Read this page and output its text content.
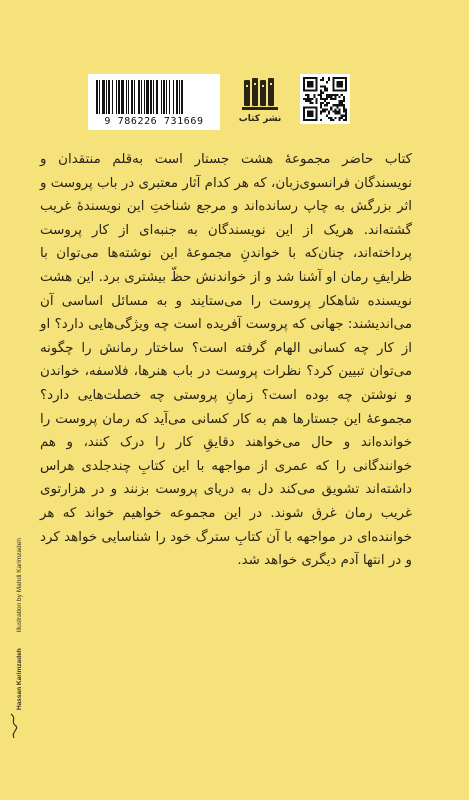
9 786226 731669	نشر کتاب
کتاب حاضر مجموعهٔ هشت جستار است به‌قلم منتقدان و نویسندگان فرانسوی‌زبان، که هر کدام آثار معتبری در باب پروست و اثر بزرگش به چاپ رسانده‌اند و مرجع شناختِ این نویسندهٔ غریب گشته‌اند. هریک از این نویسندگان به جنبه‌ای از کار پروست پرداخته‌اند، چنان‌که با خواندنِ مجموعهٔ این نوشته‌ها می‌توان با ظرایفِ رمان او آشنا شد و از خواندنش حظّ بیشتری برد. این هشت نویسنده شاهکار پروست را می‌ستایند و به مسائل اساسی آن می‌اندیشند: جهانی که پروست آفریده است چه ویژگی‌هایی دارد؟ او از کار چه کسانی الهام گرفته است؟ ساختار رمانش را چگونه می‌توان تبیین کرد؟ نظرات پروست در باب هنرها، فلاسفه، خواندن و نوشتن چه بوده است؟ زمانِ پروستی چه خصلت‌هایی دارد؟ مجموعهٔ این جستارها هم به کار کسانی می‌آید که رمان پروست را خوانده‌اند و حال می‌خواهند دقایقِ کار را درک کنند، و هم خوانندگانی را که عمری از مواجهه با این کتابِ چندجلدی هراس داشته‌اند تشویق می‌کند دل به دریای پروست بزنند و در هزارتوی غریب رمان غرق شوند. در این مجموعه خواهیم خواند که هر خواننده‌ای در مواجهه با آن کتابِ سترگ خود را شناسایی خواهد کرد و در انتها آدم دیگری خواهد شد.
Hassan Karimzadeh Illustration by Mahdi Karimzadeh
